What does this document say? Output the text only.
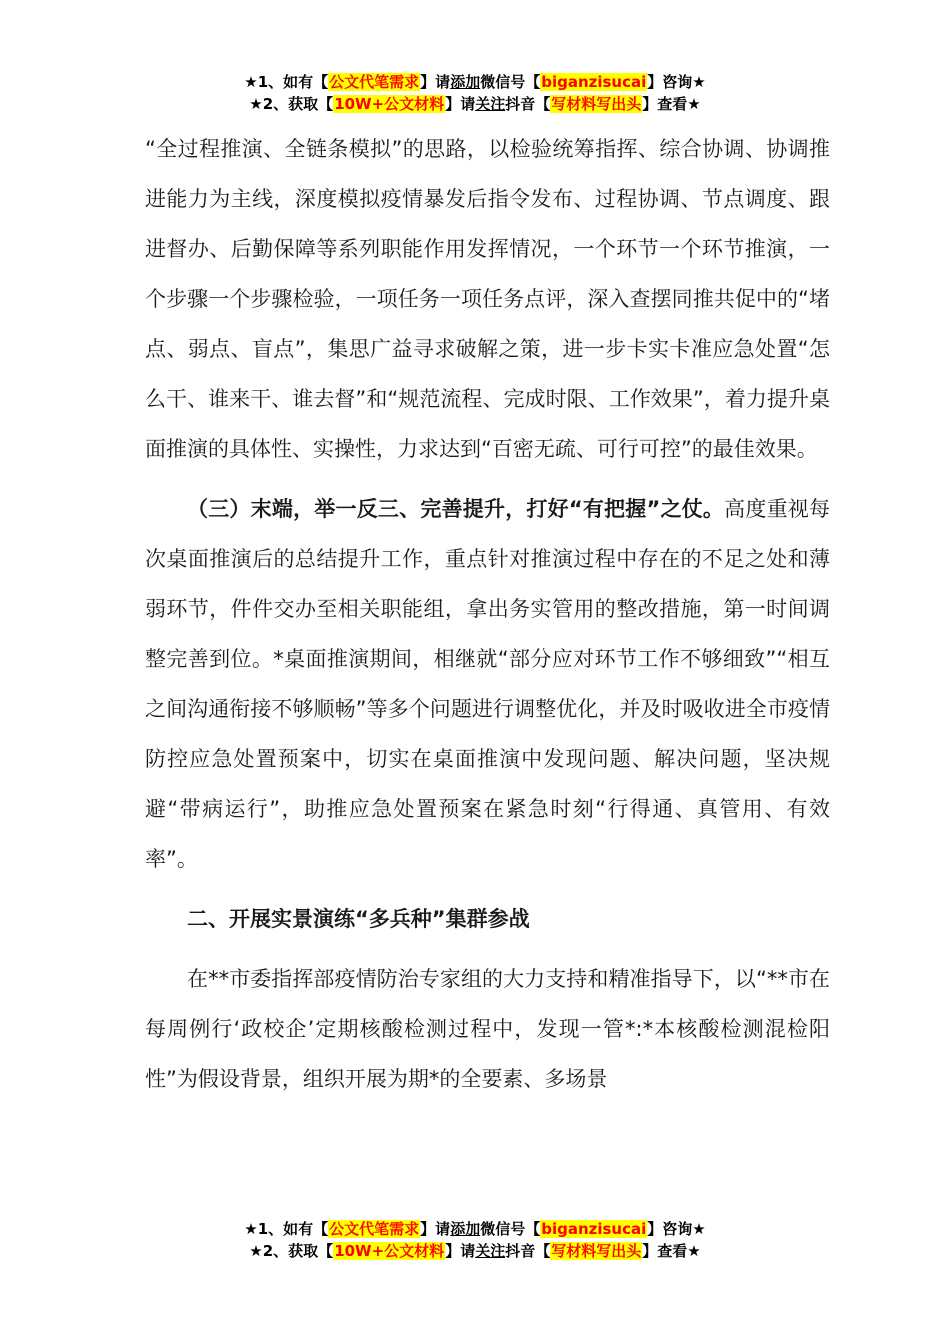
★1、如有【公文代笔需求】请添加微信号【biganzisucai】咨询★
★2、获取【10W+公文材料】请关注抖音【写材料写出头】查看★

“全过程推演、全链条模拟”的思路，以检验统筹指挥、综合协调、协调推进能力为主线，深度模拟疫情暴发后指令发布、过程协调、节点调度、跟进督办、后勤保障等系列职能作用发挥情况，一个环节一个环节推演，一个步骤一个步骤检验，一项任务一项任务点评，深入查摆同推共促中的“堵点、弱点、盲点”，集思广益寻求破解之策，进一步卡实卡准应急处置“怎么干、谁来干、谁去督”和“规范流程、完成时限、工作效果”，着力提升桌面推演的具体性、实操性，力求达到“百密无疏、可行可控”的最佳效果。

（三）末端，举一反三、完善提升，打好“有把握”之仗。高度重视每次桌面推演后的总结提升工作，重点针对推演过程中存在的不足之处和薄弱环节，件件交办至相关职能组，拿出务实管用的整改措施，第一时间调整完善到位。*桌面推演期间，相继就“部分应对环节工作不够细致”“相互之间沟通衔接不够顺畅”等多个问题进行调整优化，并及时吸收进全市疫情防控应急处置预案中，切实在桌面推演中发现问题、解决问题，坚决规避“带病运行”，助推应急处置预案在紧急时刻“行得通、真管用、有效率”。

二、开展实景演练“多兵种”集群参战

在**市委指挥部疫情防治专家组的大力支持和精准指导下，以“**市在每周例行‘政校企’定期核酸检测过程中，发现一管*:*本核酸检测混检阳性”为假设背景，组织开展为期*的全要素、多场景

★1、如有【公文代笔需求】请添加微信号【biganzisucai】咨询★
★2、获取【10W+公文材料】请关注抖音【写材料写出头】查看★
